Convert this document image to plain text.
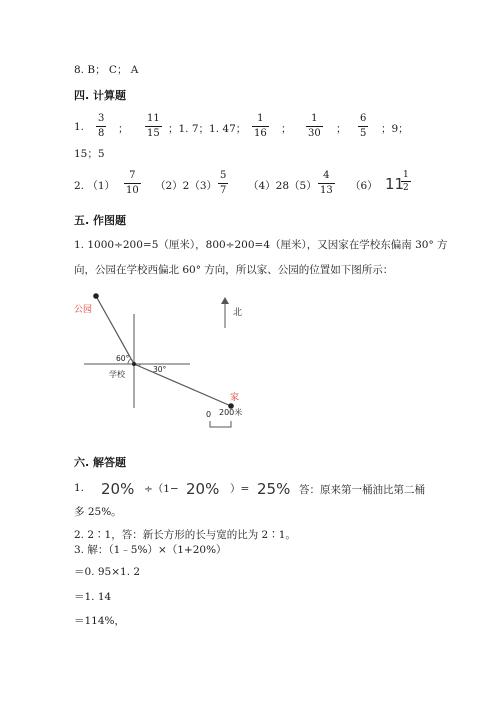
8. B； C； A
四. 计算题
1.
3
8 ；
11
15 ；1. 7；1. 47；
1
16 ；
1
30 ；
6
5 ；9；
15；5
2. （1）
7
10 （2）2（3）
5
7 （4）28（5）
4
13 （6） 11
1
2
五. 作图题
1. 1000÷200=5（厘米），800÷200=4（厘米），又因家在学校东偏南 30° 方
向，公园在学校西偏北 60° 方向，所以家、公园的位置如下图所示：
公园
家
学校
北
60°
30°
0 200米
六. 解答题
1. 20% ÷（1− 20% ）= 25% 答：原来第一桶油比第二桶
多 25%。
2. 2∶1，答：新长方形的长与宽的比为 2∶1。
3. 解：（1﹣5%）×（1+20%）
＝0. 95×1. 2
＝1. 14
＝114%，
